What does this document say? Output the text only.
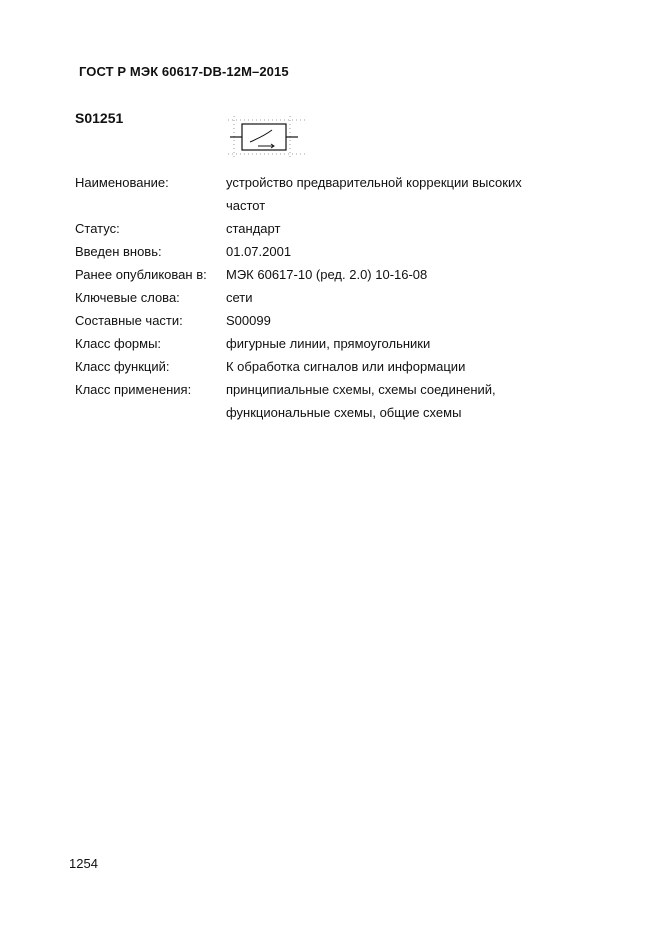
ГОСТ Р МЭК 60617-DB-12M–2015
S01251
Наименование:	устройство предварительной коррекции высоких
частот
Статус:	стандарт
Введен вновь:	01.07.2001
Ранее опубликован в:	МЭК 60617-10 (ред. 2.0) 10-16-08
Ключевые слова:	сети
Составные части:	S00099
Класс формы:	фигурные линии, прямоугольники
Класс функций:	К обработка сигналов или информации
Класс применения:	принципиальные схемы, схемы соединений,
функциональные схемы, общие схемы
1254
